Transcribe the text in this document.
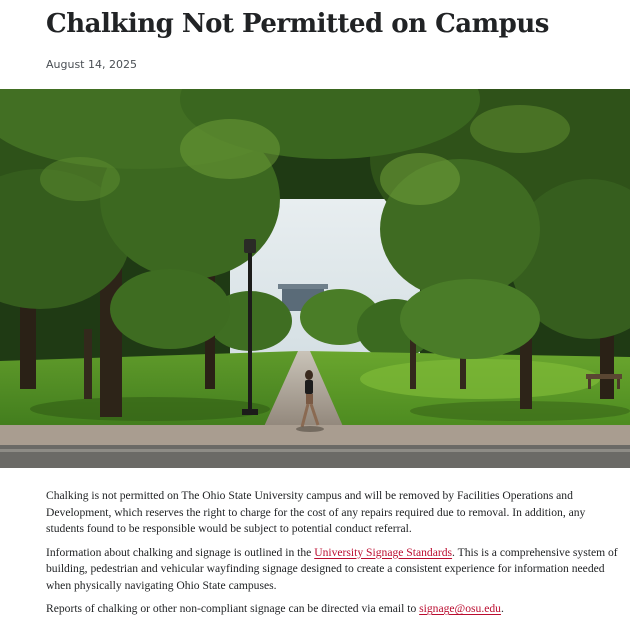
Chalking Not Permitted on Campus
August 14, 2025

Chalking is not permitted on The Ohio State University campus and will be removed by Facilities Operations and Development, which reserves the right to charge for the cost of any repairs required due to removal. In addition, any students found to be responsible would be subject to potential conduct referral.

Information about chalking and signage is outlined in the University Signage Standards. This is a comprehensive system of building, pedestrian and vehicular wayfinding signage designed to create a consistent experience for information needed when physically navigating Ohio State campuses.

Reports of chalking or other non-compliant signage can be directed via email to signage@osu.edu.
